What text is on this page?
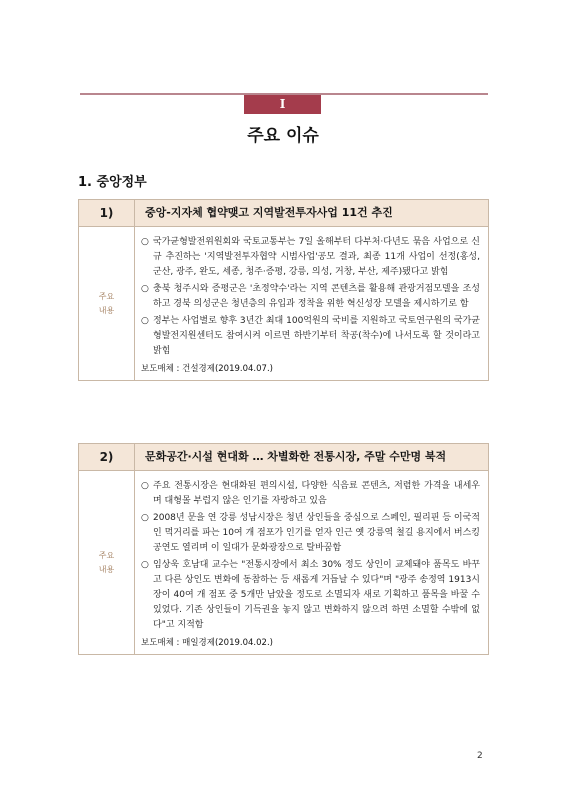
I
주요 이슈
1. 중앙정부
1)	중앙-지자체 협약맺고 지역발전투자사업 11건 추진
주요
내용
○ 국가균형발전위원회와 국토교통부는 7일 올해부터 다부처·다년도 묶음 사업으로 신규 추진하는 '지역발전투자협약 시범사업'공모 결과, 최종 11개 사업이 선정(홍성, 군산, 광주, 완도, 세종, 청주·증평, 강릉, 의성, 거창, 부산, 제주)됐다고 밝힘
○ 충북 청주시와 증평군은 '초정약수'라는 지역 콘텐츠를 활용해 관광거점모델을 조성하고 경북 의성군은 청년층의 유입과 정착을 위한 혁신성장 모델을 제시하기로 함
○ 정부는 사업별로 향후 3년간 최대 100억원의 국비를 지원하고 국토연구원의 국가균형발전지원센터도 참여시켜 이르면 하반기부터 착공(착수)에 나서도록 할 것이라고 밝힘
보도매체 : 건설경제(2019.04.07.)
2)	문화공간·시설 현대화 … 차별화한 전통시장, 주말 수만명 북적
주요
내용
○ 주요 전통시장은 현대화된 편의시설, 다양한 식음료 콘텐츠, 저렴한 가격을 내세우며 대형몰 부럽지 않은 인기를 자랑하고 있음
○ 2008년 문을 연 강릉 성남시장은 청년 상인들을 중심으로 스페인, 필리핀 등 이국적인 먹거리를 파는 10여 개 점포가 인기를 얻자 인근 옛 강릉역 철길 용지에서 버스킹 공연도 열리며 이 일대가 문화광장으로 탈바꿈함
○ 임상욱 호남대 교수는 "전통시장에서 최소 30% 정도 상인이 교체돼야 품목도 바꾸고 다른 상인도 변화에 동참하는 등 새롭게 거듭날 수 있다"며 "광주 송정역 1913시장이 40여 개 점포 중 5개만 남았을 정도로 소멸되자 새로 기획하고 품목을 바꿀 수 있었다. 기존 상인들이 기득권을 놓지 않고 변화하지 않으려 하면 소멸할 수밖에 없다"고 지적함
보도매체 : 매일경제(2019.04.02.)
2
